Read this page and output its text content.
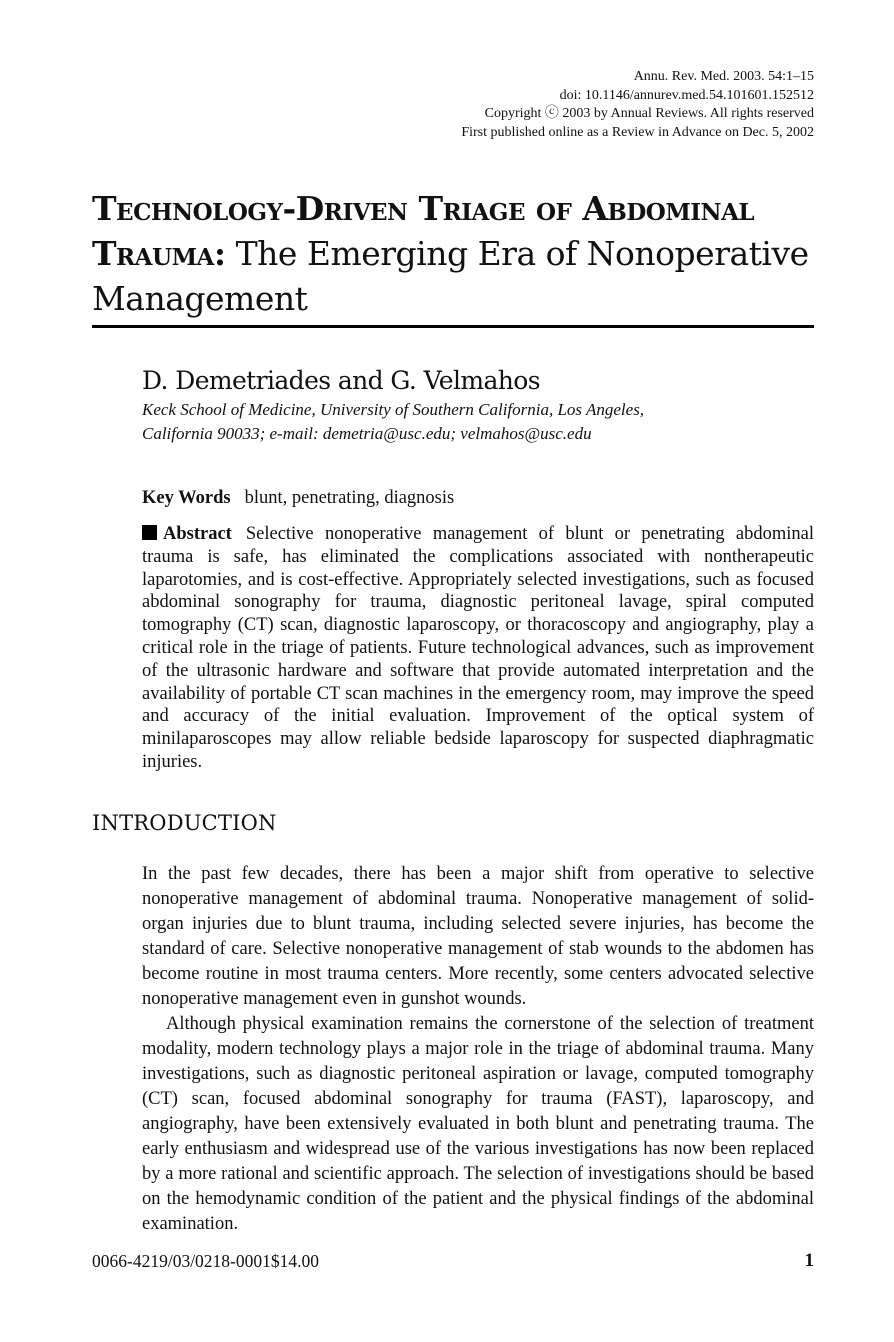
Annu. Rev. Med. 2003. 54:1–15
doi: 10.1146/annurev.med.54.101601.152512
Copyright ⓒ 2003 by Annual Reviews. All rights reserved
First published online as a Review in Advance on Dec. 5, 2002
Technology-Driven Triage of Abdominal Trauma: The Emerging Era of Nonoperative Management
D. Demetriades and G. Velmahos
Keck School of Medicine, University of Southern California, Los Angeles,
California 90033; e-mail: demetria@usc.edu; velmahos@usc.edu
Key Words blunt, penetrating, diagnosis

Abstract Selective nonoperative management of blunt or penetrating abdominal trauma is safe, has eliminated the complications associated with nontherapeutic laparotomies, and is cost-effective. Appropriately selected investigations, such as focused abdominal sonography for trauma, diagnostic peritoneal lavage, spiral computed tomography (CT) scan, diagnostic laparoscopy, or thoracoscopy and angiography, play a critical role in the triage of patients. Future technological advances, such as improvement of the ultrasonic hardware and software that provide automated interpretation and the availability of portable CT scan machines in the emergency room, may improve the speed and accuracy of the initial evaluation. Improvement of the optical system of minilaparoscopes may allow reliable bedside laparoscopy for suspected diaphragmatic injuries.

INTRODUCTION

In the past few decades, there has been a major shift from operative to selective nonoperative management of abdominal trauma. Nonoperative management of solid-organ injuries due to blunt trauma, including selected severe injuries, has become the standard of care. Selective nonoperative management of stab wounds to the abdomen has become routine in most trauma centers. More recently, some centers advocated selective nonoperative management even in gunshot wounds.

Although physical examination remains the cornerstone of the selection of treatment modality, modern technology plays a major role in the triage of abdominal trauma. Many investigations, such as diagnostic peritoneal aspiration or lavage, computed tomography (CT) scan, focused abdominal sonography for trauma (FAST), laparoscopy, and angiography, have been extensively evaluated in both blunt and penetrating trauma. The early enthusiasm and widespread use of the various investigations has now been replaced by a more rational and scientific approach. The selection of investigations should be based on the hemodynamic condition of the patient and the physical findings of the abdominal examination.

0066-4219/03/0218-0001$14.00	1
